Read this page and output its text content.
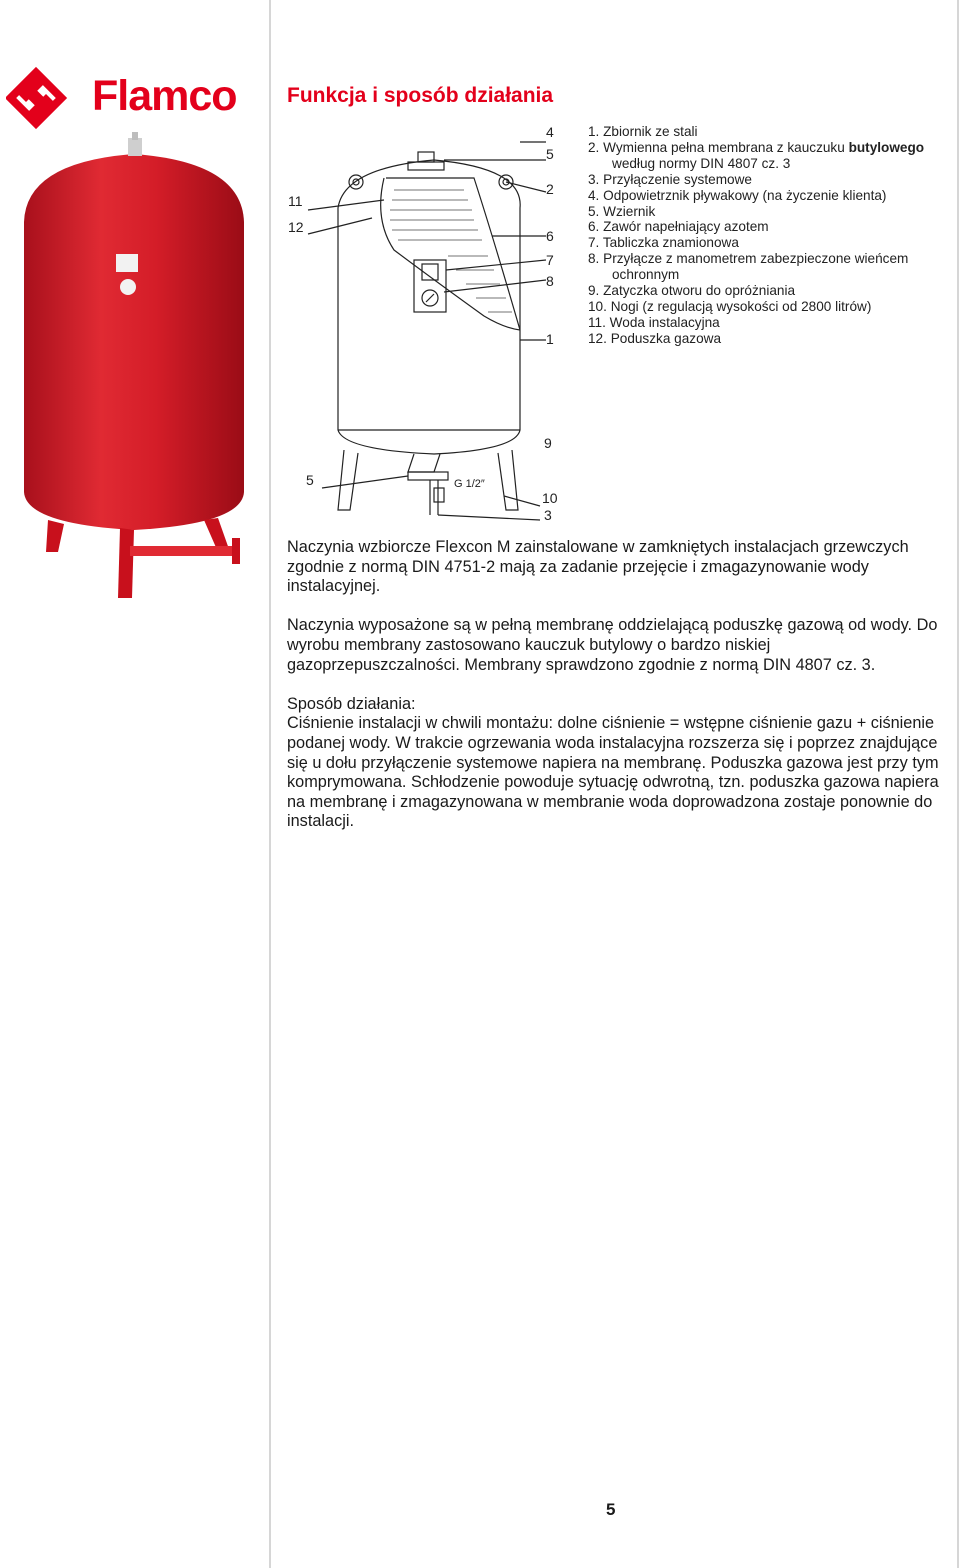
Flamco Funkcja i sposób działania
4
5
2
6
7
8
1
11
12
9
5
10
3
G 1/2″
1. Zbiornik ze stali
2. Wymienna pełna membrana z kauczuku butylowego według normy DIN 4807 cz. 3
3. Przyłączenie systemowe
4. Odpowietrznik pływakowy (na życzenie klienta)
5. Wziernik
6. Zawór napełniający azotem
7. Tabliczka znamionowa
8. Przyłącze z manometrem zabezpieczone wieńcem ochronnym
9. Zatyczka otworu do opróżniania
10. Nogi (z regulacją wysokości od 2800 litrów)
11. Woda instalacyjna
12. Poduszka gazowa

Naczynia wzbiorcze Flexcon M zainstalowane w zamkniętych instalacjach grzewczych zgodnie z normą DIN 4751-2 mają za zadanie przejęcie i zmagazynowanie wody instalacyjnej.

Naczynia wyposażone są w pełną membranę oddzielającą poduszkę gazową od wody. Do wyrobu membrany zastosowano kauczuk butylowy o bardzo niskiej gazoprzepuszczalności. Membrany sprawdzono zgodnie z normą DIN 4807 cz. 3.

Sposób działania:
Ciśnienie instalacji w chwili montażu: dolne ciśnienie = wstępne ciśnienie gazu + ciśnienie podanej wody. W trakcie ogrzewania woda instalacyjna rozszerza się i poprzez znajdujące się u dołu przyłączenie systemowe napiera na membranę. Poduszka gazowa jest przy tym komprymowana. Schłodzenie powoduje sytuację odwrotną, tzn. poduszka gazowa napiera na membranę i zmagazynowana w membranie woda doprowadzona zostaje ponownie do instalacji.

5
